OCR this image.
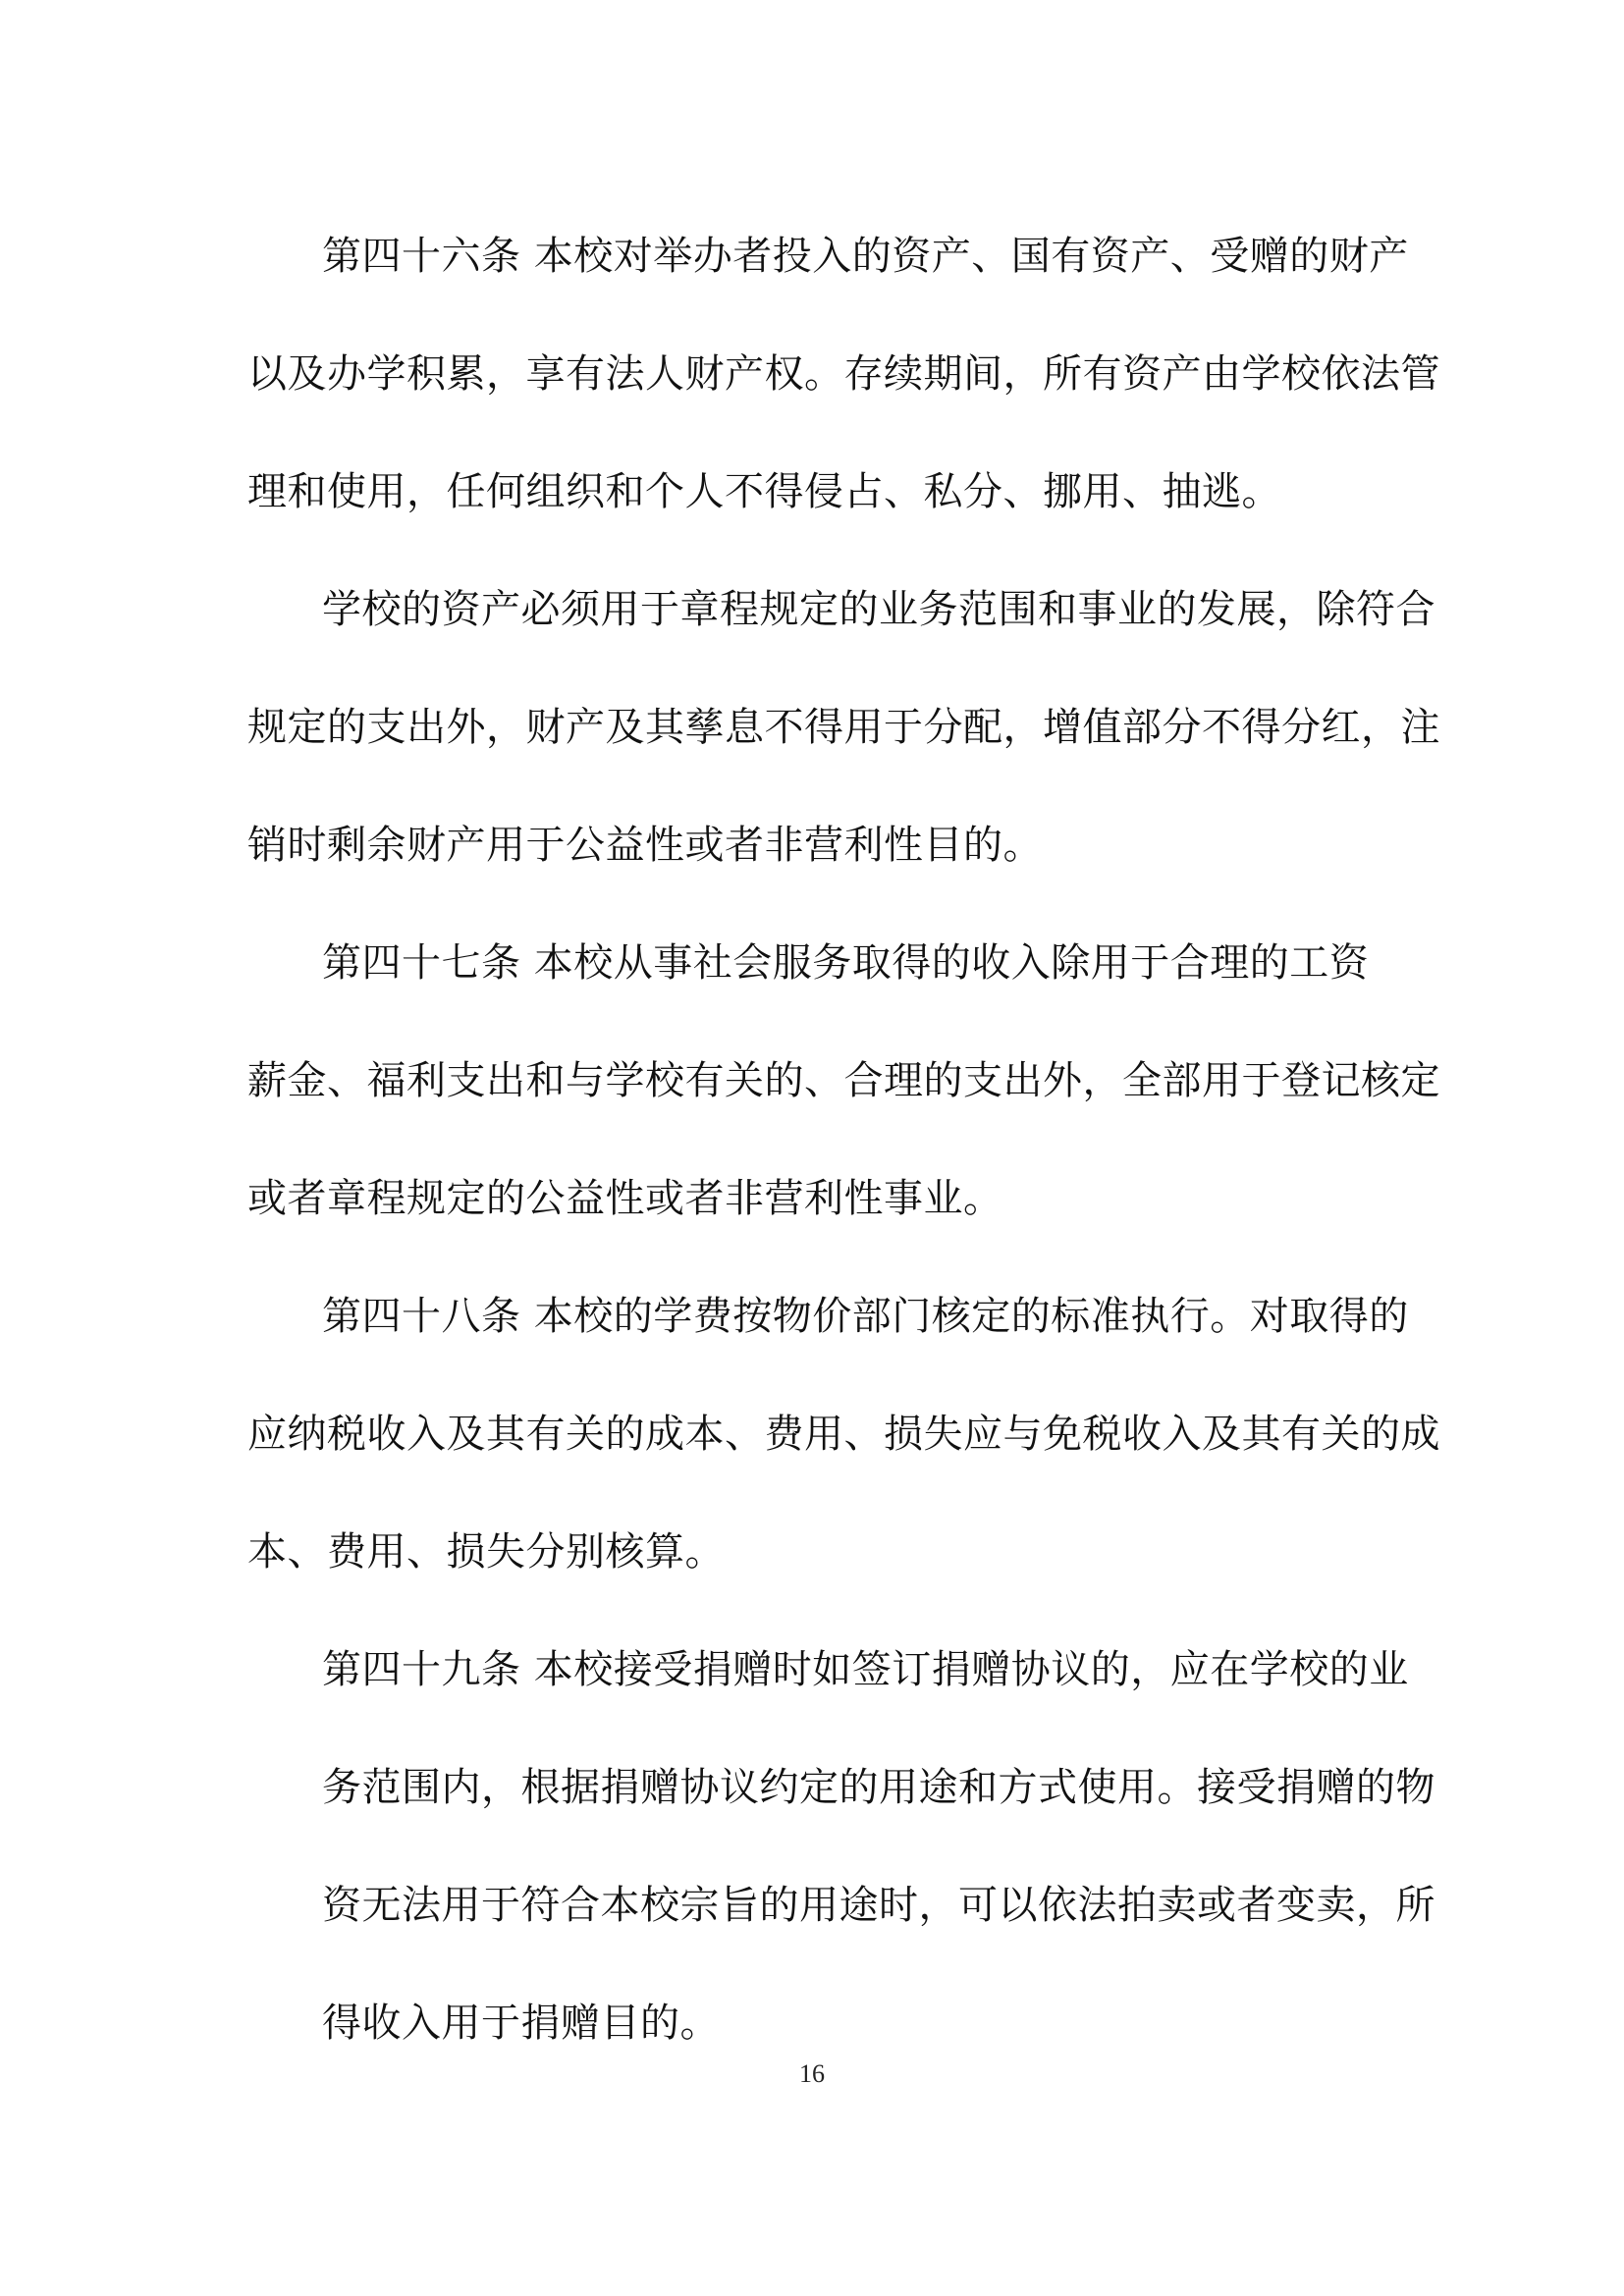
第四十六条 本校对举办者投入的资产、国有资产、受赠的财产
以及办学积累，享有法人财产权。存续期间，所有资产由学校依法管
理和使用，任何组织和个人不得侵占、私分、挪用、抽逃。
学校的资产必须用于章程规定的业务范围和事业的发展，除符合
规定的支出外，财产及其孳息不得用于分配，增值部分不得分红，注
销时剩余财产用于公益性或者非营利性目的。
第四十七条 本校从事社会服务取得的收入除用于合理的工资
薪金、福利支出和与学校有关的、合理的支出外，全部用于登记核定
或者章程规定的公益性或者非营利性事业。
第四十八条 本校的学费按物价部门核定的标准执行。对取得的
应纳税收入及其有关的成本、费用、损失应与免税收入及其有关的成
本、费用、损失分别核算。
第四十九条 本校接受捐赠时如签订捐赠协议的，应在学校的业
务范围内，根据捐赠协议约定的用途和方式使用。接受捐赠的物
资无法用于符合本校宗旨的用途时，可以依法拍卖或者变卖，所
得收入用于捐赠目的。
16
